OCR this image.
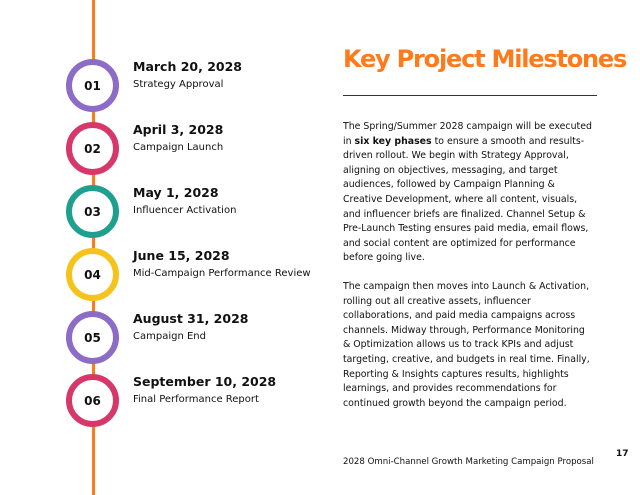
01
March 20, 2028
Strategy Approval
02
April 3, 2028
Campaign Launch
03
May 1, 2028
Influencer Activation
04
June 15, 2028
Mid-Campaign Performance Review
05
August 31, 2028
Campaign End
06
September 10, 2028
Final Performance Report
Key Project Milestones

The Spring/Summer 2028 campaign will be executed in six key phases to ensure a smooth and results-driven rollout. We begin with Strategy Approval, aligning on objectives, messaging, and target audiences, followed by Campaign Planning & Creative Development, where all content, visuals, and influencer briefs are finalized. Channel Setup & Pre-Launch Testing ensures paid media, email flows, and social content are optimized for performance before going live.

The campaign then moves into Launch & Activation, rolling out all creative assets, influencer collaborations, and paid media campaigns across channels. Midway through, Performance Monitoring & Optimization allows us to track KPIs and adjust targeting, creative, and budgets in real time. Finally, Reporting & Insights captures results, highlights learnings, and provides recommendations for continued growth beyond the campaign period.

2028 Omni-Channel Growth Marketing Campaign Proposal
17
